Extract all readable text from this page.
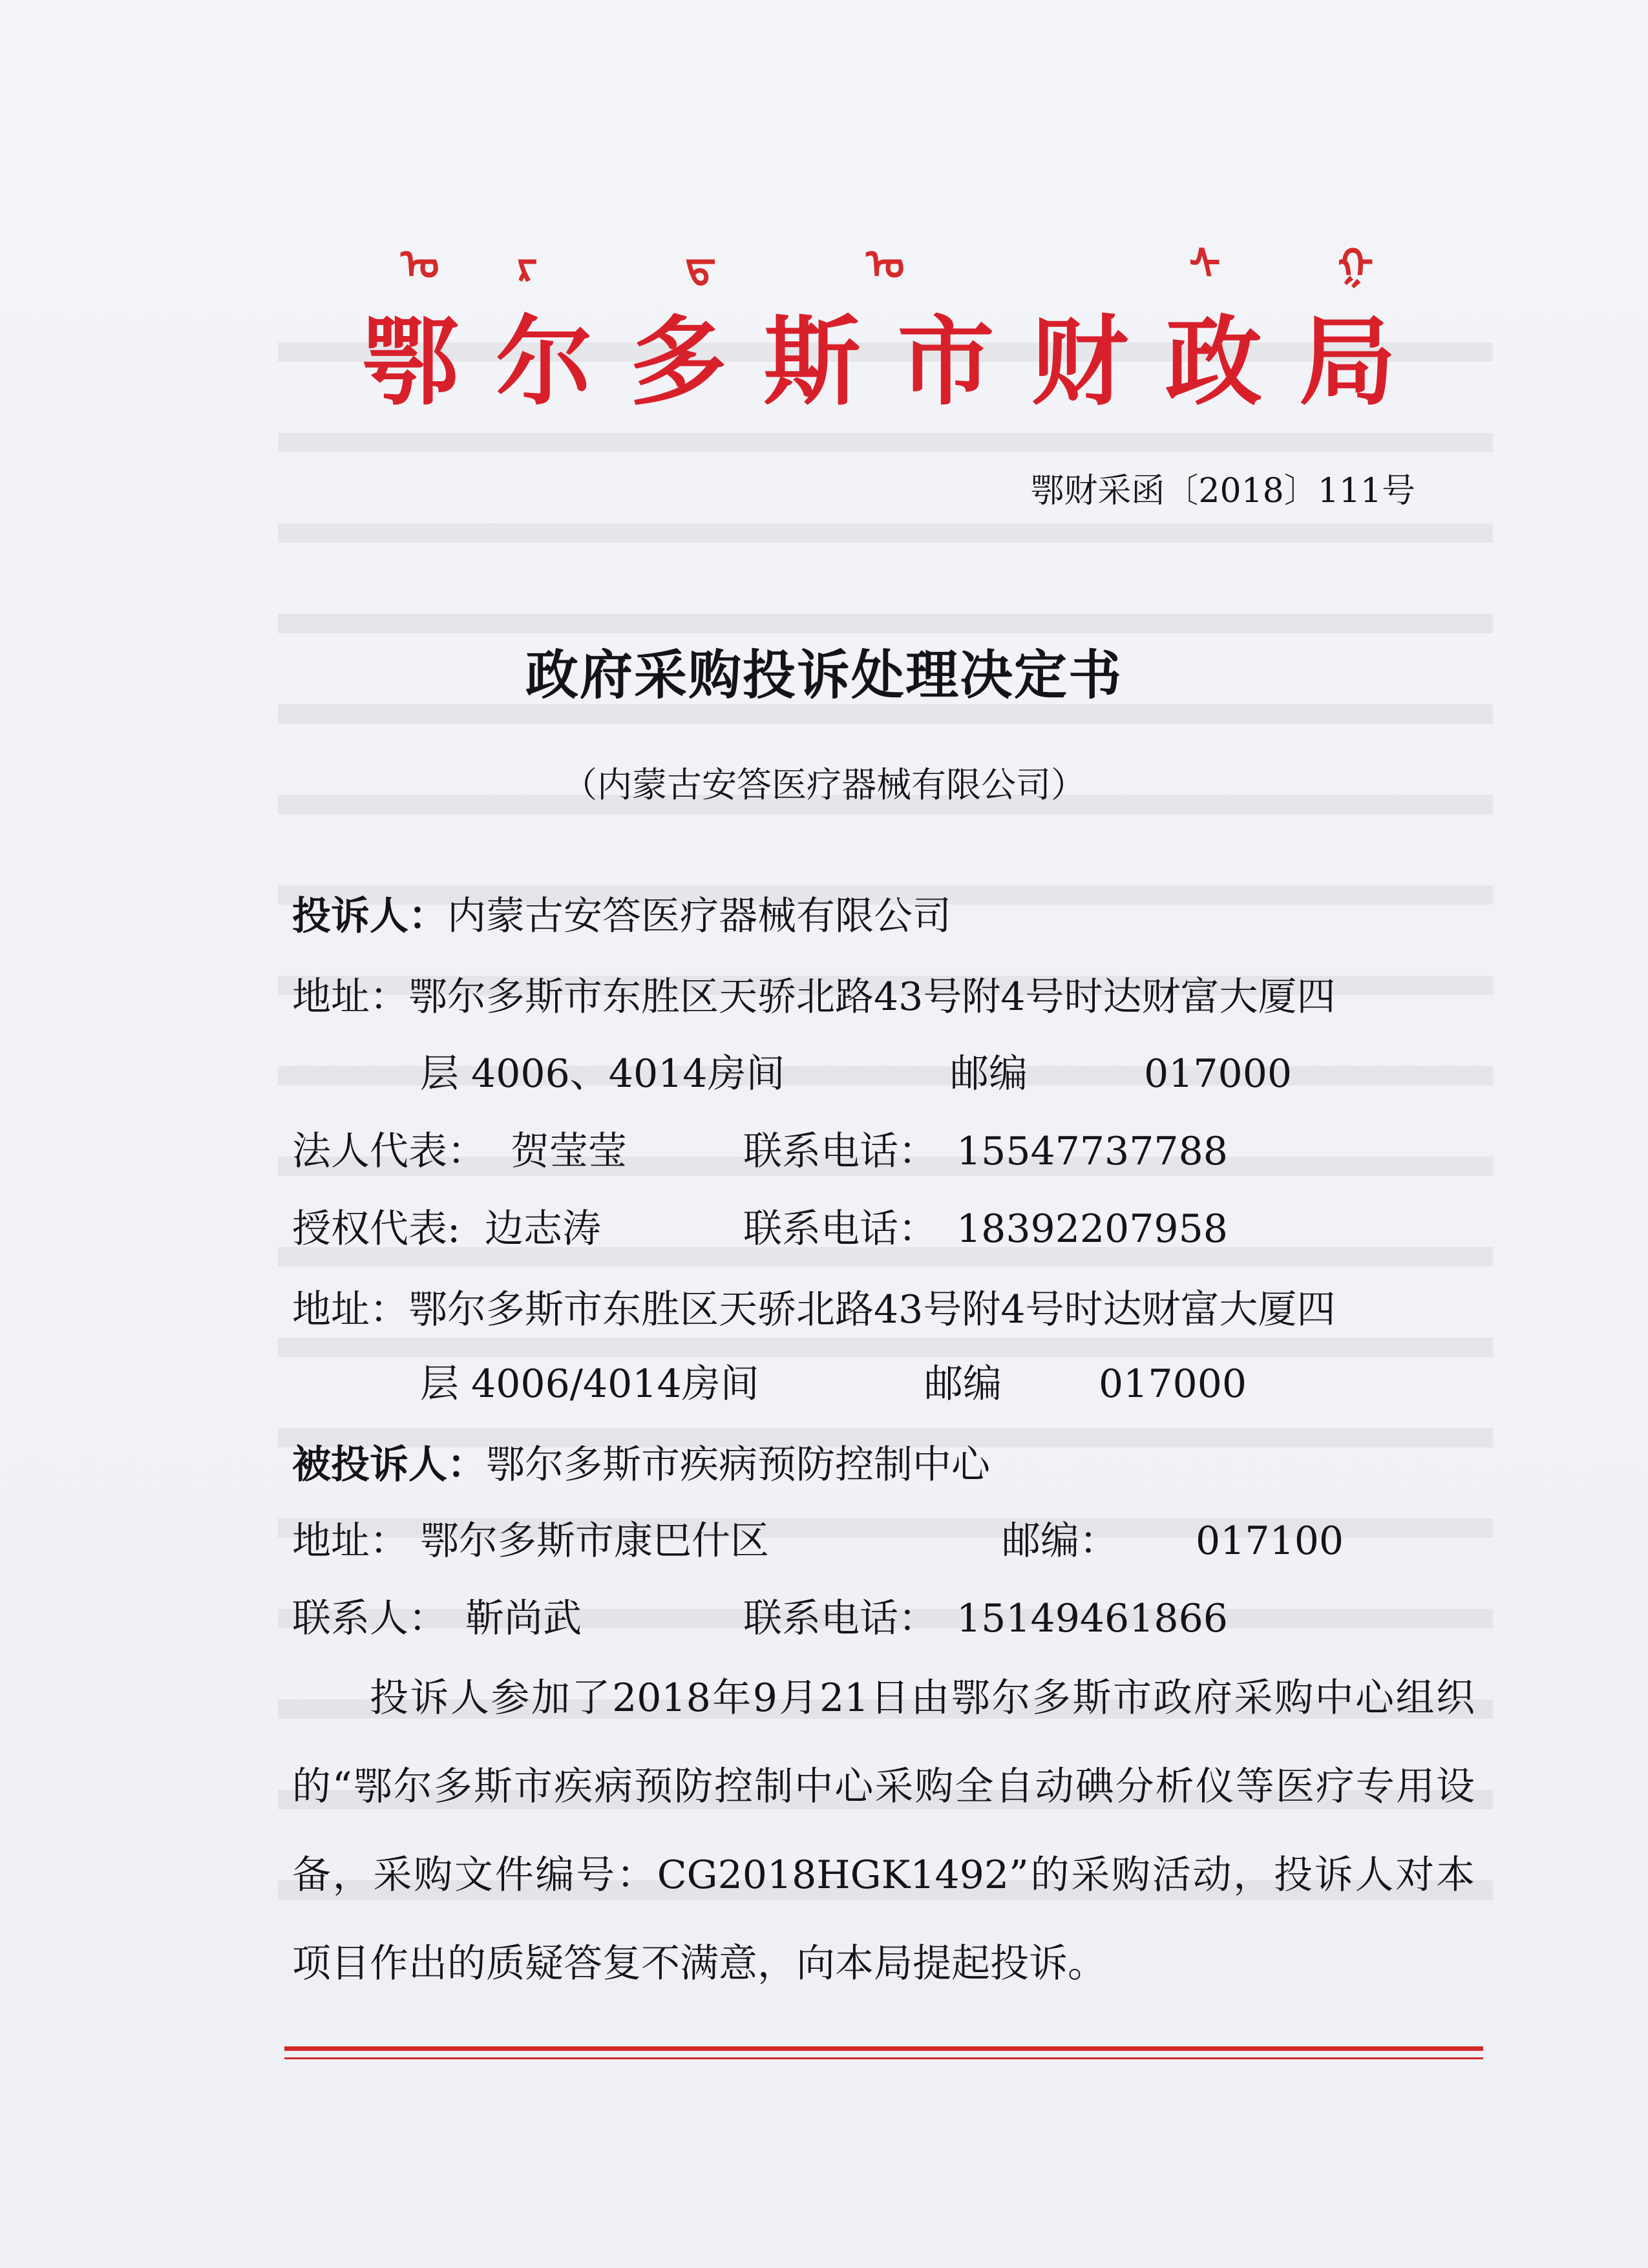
ᠣ ᠷ	ᠳ	ᠣ	ᠰ	ᠭ
鄂尔多斯市财政局
鄂财采函〔2018〕111号
政府采购投诉处理决定书
（内蒙古安答医疗器械有限公司）
投诉人：内蒙古安答医疗器械有限公司
地址：鄂尔多斯市东胜区天骄北路43号附4号时达财富大厦四
层 4006、4014房间	邮编	017000
法人代表： 贺莹莹	联系电话： 15547737788
授权代表: 边志涛	联系电话： 18392207958
地址：鄂尔多斯市东胜区天骄北路43号附4号时达财富大厦四
层 4006/4014房间	邮编	017000
被投诉人：鄂尔多斯市疾病预防控制中心
地址： 鄂尔多斯市康巴什区	邮编： 017100
联系人： 靳尚武	联系电话： 15149461866
投诉人参加了2018年9月21日由鄂尔多斯市政府采购中心组织的“鄂尔多斯市疾病预防控制中心采购全自动碘分析仪等医疗专用设备，采购文件编号：CG2018HGK1492”的采购活动，投诉人对本项目作出的质疑答复不满意，向本局提起投诉。
